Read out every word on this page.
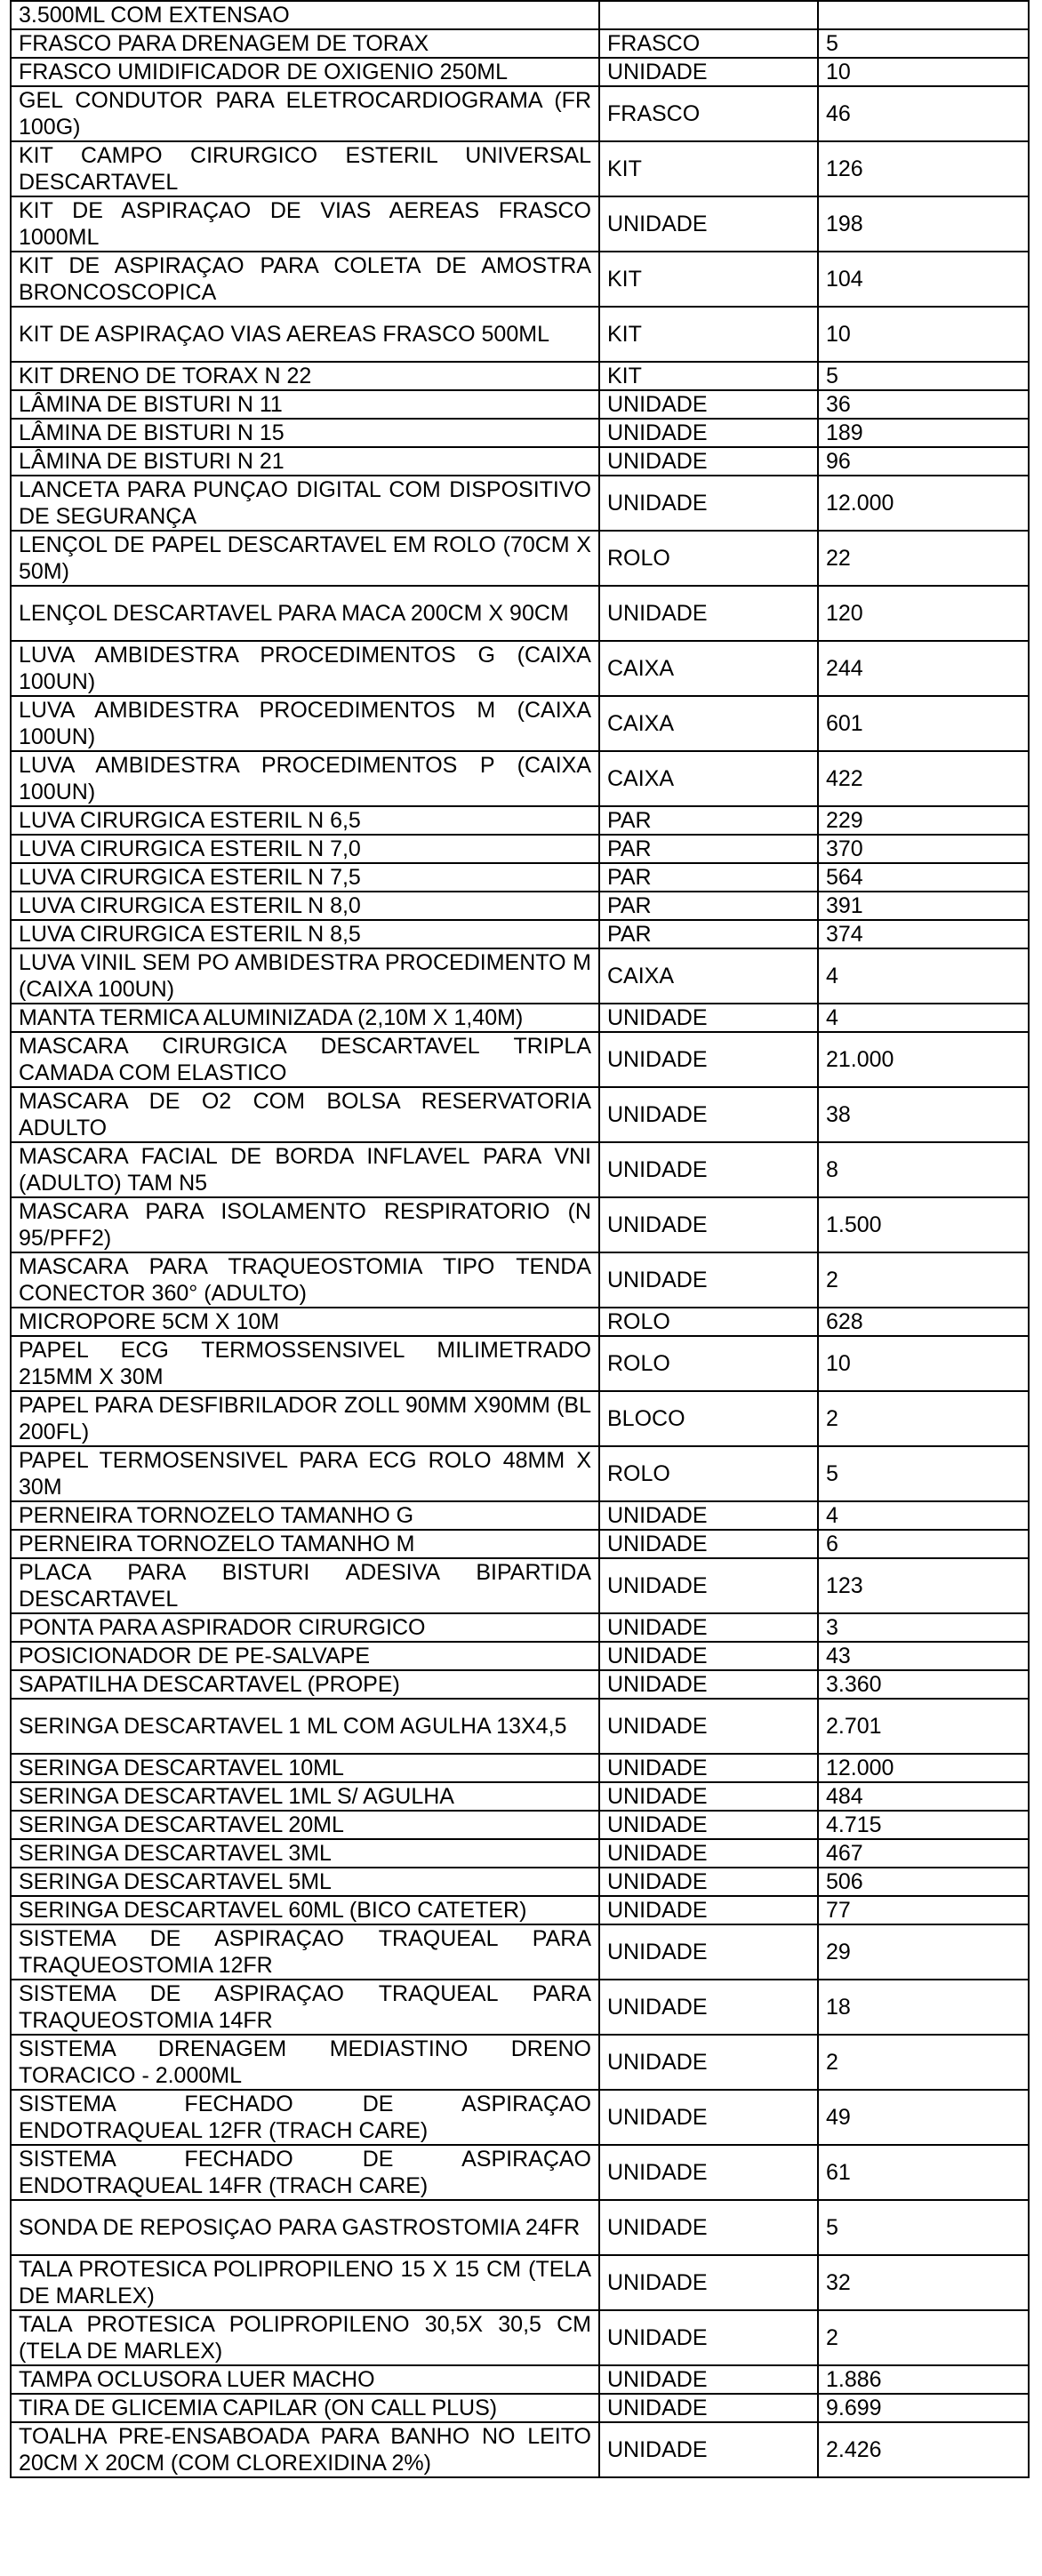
3.500ML COM EXTENSAO		
FRASCO PARA DRENAGEM DE TORAX	FRASCO	5
FRASCO UMIDIFICADOR DE OXIGENIO 250ML	UNIDADE	10
GEL CONDUTOR PARA ELETROCARDIOGRAMA (FR 100G)	FRASCO	46
KIT CAMPO CIRURGICO ESTERIL UNIVERSAL DESCARTAVEL	KIT	126
KIT DE ASPIRAÇAO DE VIAS AEREAS FRASCO 1000ML	UNIDADE	198
KIT DE ASPIRAÇAO PARA COLETA DE AMOSTRA BRONCOSCOPICA	KIT	104
KIT DE ASPIRAÇAO VIAS AEREAS FRASCO 500ML	KIT	10
KIT DRENO DE TORAX N 22	KIT	5
LÂMINA DE BISTURI N 11	UNIDADE	36
LÂMINA DE BISTURI N 15	UNIDADE	189
LÂMINA DE BISTURI N 21	UNIDADE	96
LANCETA PARA PUNÇAO DIGITAL COM DISPOSITIVO DE SEGURANÇA	UNIDADE	12.000
LENÇOL DE PAPEL DESCARTAVEL EM ROLO (70CM X 50M)	ROLO	22
LENÇOL DESCARTAVEL PARA MACA 200CM X 90CM	UNIDADE	120
LUVA AMBIDESTRA PROCEDIMENTOS G (CAIXA 100UN)	CAIXA	244
LUVA AMBIDESTRA PROCEDIMENTOS M (CAIXA 100UN)	CAIXA	601
LUVA AMBIDESTRA PROCEDIMENTOS P (CAIXA 100UN)	CAIXA	422
LUVA CIRURGICA ESTERIL N 6,5	PAR	229
LUVA CIRURGICA ESTERIL N 7,0	PAR	370
LUVA CIRURGICA ESTERIL N 7,5	PAR	564
LUVA CIRURGICA ESTERIL N 8,0	PAR	391
LUVA CIRURGICA ESTERIL N 8,5	PAR	374
LUVA VINIL SEM PO AMBIDESTRA PROCEDIMENTO M (CAIXA 100UN)	CAIXA	4
MANTA TERMICA ALUMINIZADA (2,10M X 1,40M)	UNIDADE	4
MASCARA CIRURGICA DESCARTAVEL TRIPLA CAMADA COM ELASTICO	UNIDADE	21.000
MASCARA DE O2 COM BOLSA RESERVATORIA ADULTO	UNIDADE	38
MASCARA FACIAL DE BORDA INFLAVEL PARA VNI (ADULTO) TAM N5	UNIDADE	8
MASCARA PARA ISOLAMENTO RESPIRATORIO (N 95/PFF2)	UNIDADE	1.500
MASCARA PARA TRAQUEOSTOMIA TIPO TENDA CONECTOR 360° (ADULTO)	UNIDADE	2
MICROPORE 5CM X 10M	ROLO	628
PAPEL ECG TERMOSSENSIVEL MILIMETRADO 215MM X 30M	ROLO	10
PAPEL PARA DESFIBRILADOR ZOLL 90MM X90MM (BL 200FL)	BLOCO	2
PAPEL TERMOSENSIVEL PARA ECG ROLO 48MM X 30M	ROLO	5
PERNEIRA TORNOZELO TAMANHO G	UNIDADE	4
PERNEIRA TORNOZELO TAMANHO M	UNIDADE	6
PLACA PARA BISTURI ADESIVA BIPARTIDA DESCARTAVEL	UNIDADE	123
PONTA PARA ASPIRADOR CIRURGICO	UNIDADE	3
POSICIONADOR DE PE-SALVAPE	UNIDADE	43
SAPATILHA DESCARTAVEL (PROPE)	UNIDADE	3.360
SERINGA DESCARTAVEL 1 ML COM AGULHA 13X4,5	UNIDADE	2.701
SERINGA DESCARTAVEL 10ML	UNIDADE	12.000
SERINGA DESCARTAVEL 1ML S/ AGULHA	UNIDADE	484
SERINGA DESCARTAVEL 20ML	UNIDADE	4.715
SERINGA DESCARTAVEL 3ML	UNIDADE	467
SERINGA DESCARTAVEL 5ML	UNIDADE	506
SERINGA DESCARTAVEL 60ML (BICO CATETER)	UNIDADE	77
SISTEMA DE ASPIRAÇAO TRAQUEAL PARA TRAQUEOSTOMIA 12FR	UNIDADE	29
SISTEMA DE ASPIRAÇAO TRAQUEAL PARA TRAQUEOSTOMIA 14FR	UNIDADE	18
SISTEMA DRENAGEM MEDIASTINO DRENO TORACICO - 2.000ML	UNIDADE	2
SISTEMA FECHADO DE ASPIRAÇAO ENDOTRAQUEAL 12FR (TRACH CARE)	UNIDADE	49
SISTEMA FECHADO DE ASPIRAÇAO ENDOTRAQUEAL 14FR (TRACH CARE)	UNIDADE	61
SONDA DE REPOSIÇAO PARA GASTROSTOMIA 24FR	UNIDADE	5
TALA PROTESICA POLIPROPILENO 15 X 15 CM (TELA DE MARLEX)	UNIDADE	32
TALA PROTESICA POLIPROPILENO 30,5X 30,5 CM (TELA DE MARLEX)	UNIDADE	2
TAMPA OCLUSORA LUER MACHO	UNIDADE	1.886
TIRA DE GLICEMIA CAPILAR (ON CALL PLUS)	UNIDADE	9.699
TOALHA PRE-ENSABOADA PARA BANHO NO LEITO 20CM X 20CM (COM CLOREXIDINA 2%)	UNIDADE	2.426
